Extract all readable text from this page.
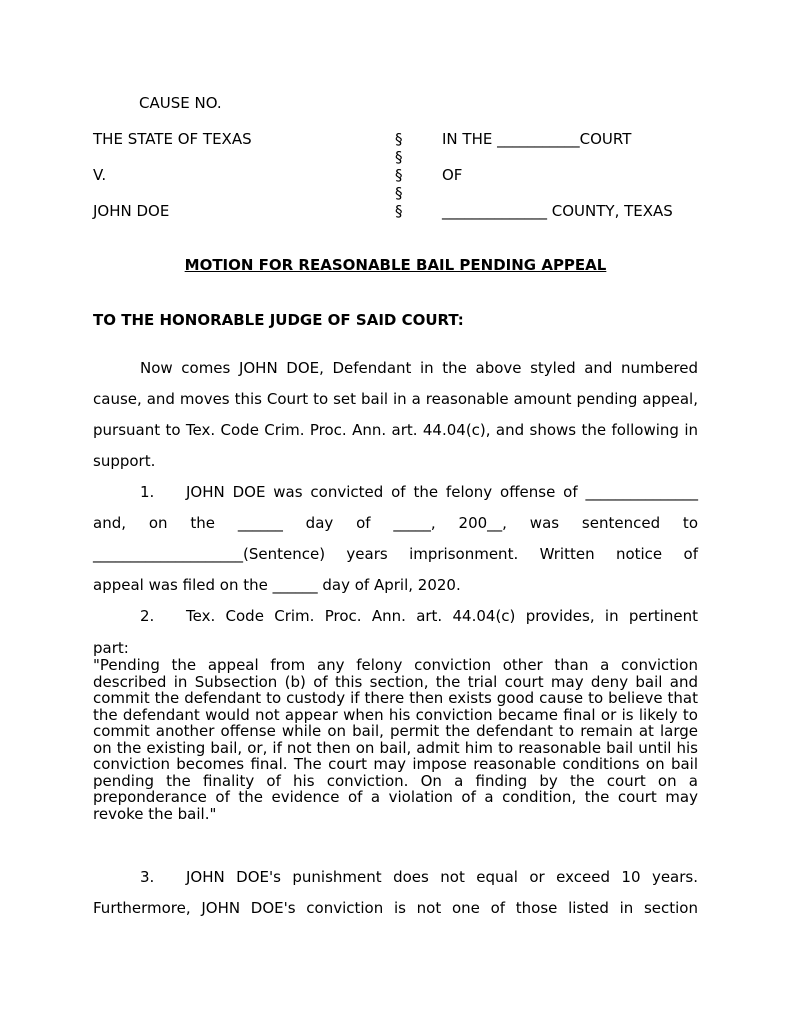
CAUSE NO.
THE STATE OF TEXAS
V.
JOHN DOE
§
§
§
§
§
IN THE ___________COURT
OF
______________ COUNTY, TEXAS
MOTION FOR REASONABLE BAIL PENDING APPEAL
TO THE HONORABLE JUDGE OF SAID COURT:

Now comes JOHN DOE, Defendant in the above styled and numbered cause, and moves this Court to set bail in a reasonable amount pending appeal, pursuant to Tex. Code Crim. Proc. Ann. art. 44.04(c), and shows the following in support.

1. JOHN DOE was convicted of the felony offense of _______________
and, on the ______ day of _____, 200__, was sentenced to
____________________(Sentence) years imprisonment. Written notice of
appeal was filed on the ______ day of April, 2020.
2. Tex. Code Crim. Proc. Ann. art. 44.04(c) provides, in pertinent
part:

"Pending the appeal from any felony conviction other than a conviction described in Subsection (b) of this section, the trial court may deny bail and commit the defendant to custody if there then exists good cause to believe that the defendant would not appear when his conviction became final or is likely to commit another offense while on bail, permit the defendant to remain at large on the existing bail, or, if not then on bail, admit him to reasonable bail until his conviction becomes final. The court may impose reasonable conditions on bail pending the finality of his conviction. On a finding by the court on a preponderance of the evidence of a violation of a condition, the court may revoke the bail."

3. JOHN DOE's punishment does not equal or exceed 10 years.
Furthermore, JOHN DOE's conviction is not one of those listed in section
